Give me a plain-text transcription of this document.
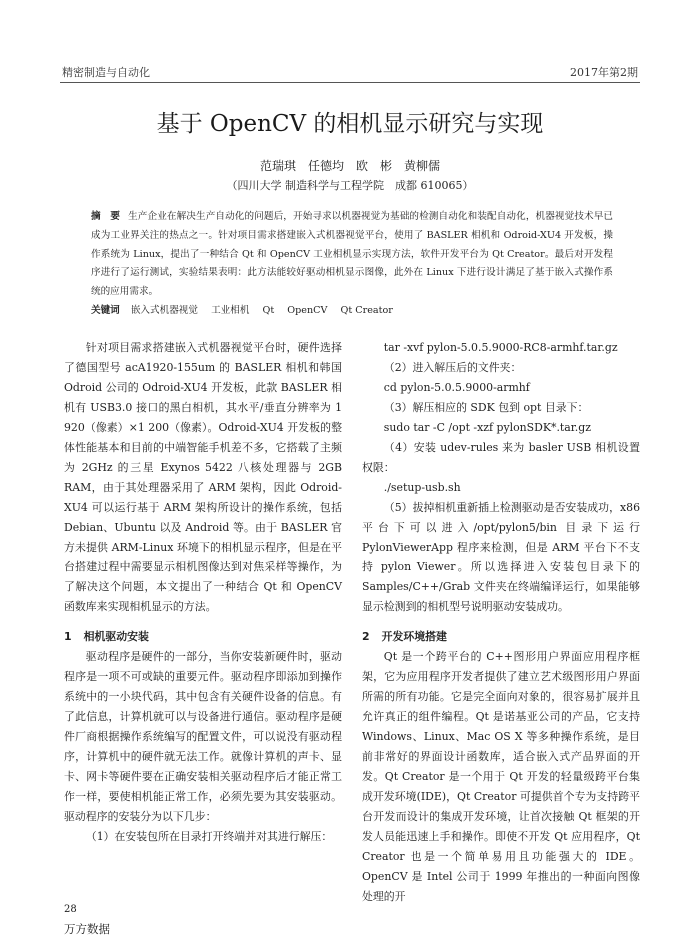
精密制造与自动化	2017年第2期
基于 OpenCV 的相机显示研究与实现
范瑞琪　任德均　欧　彬　黄柳儒
（四川大学 制造科学与工程学院　成都 610065）
摘　要 生产企业在解决生产自动化的问题后，开始寻求以机器视觉为基础的检测自动化和装配自动化，机器视觉技术早已成为工业界关注的热点之一。针对项目需求搭建嵌入式机器视觉平台，使用了 BASLER 相机和 Odroid-XU4 开发板，操作系统为 Linux，提出了一种结合 Qt 和 OpenCV 工业相机显示实现方法，软件开发平台为 Qt Creator。最后对开发程序进行了运行测试，实验结果表明：此方法能较好驱动相机显示图像，此外在 Linux 下进行设计满足了基于嵌入式操作系统的应用需求。
关键词 嵌入式机器视觉 工业相机 Qt OpenCV Qt Creator

针对项目需求搭建嵌入式机器视觉平台时，硬件选择了德国型号 acA1920-155um 的 BASLER 相机和韩国 Odroid 公司的 Odroid-XU4 开发板，此款 BASLER 相机有 USB3.0 接口的黑白相机，其水平/垂直分辨率为 1 920（像素）×1 200（像素）。Odroid-XU4 开发板的整体性能基本和目前的中端智能手机差不多，它搭载了主频为 2GHz 的三星 Exynos 5422 八核处理器与 2GB RAM，由于其处理器采用了 ARM 架构，因此 Odroid-XU4 可以运行基于 ARM 架构所设计的操作系统，包括 Debian、Ubuntu 以及 Android 等。由于 BASLER 官方未提供 ARM-Linux 环境下的相机显示程序，但是在平台搭建过程中需要显示相机图像达到对焦采样等操作，为了解决这个问题，本文提出了一种结合 Qt 和 OpenCV 函数库来实现相机显示的方法。

1 相机驱动安装

驱动程序是硬件的一部分，当你安装新硬件时，驱动程序是一项不可或缺的重要元件。驱动程序即添加到操作系统中的一小块代码，其中包含有关硬件设备的信息。有了此信息，计算机就可以与设备进行通信。驱动程序是硬件厂商根据操作系统编写的配置文件，可以说没有驱动程序，计算机中的硬件就无法工作。就像计算机的声卡、显卡、网卡等硬件要在正确安装相关驱动程序后才能正常工作一样，要使相机能正常工作，必须先要为其安装驱动。驱动程序的安装分为以下几步：

（1）在安装包所在目录打开终端并对其进行解压：

tar -xvf pylon-5.0.5.9000-RC8-armhf.tar.gz

（2）进入解压后的文件夹：

cd pylon-5.0.5.9000-armhf

（3）解压相应的 SDK 包到 opt 目录下：

sudo tar -C /opt -xzf pylonSDK*.tar.gz

（4）安装 udev-rules 来为 basler USB 相机设置权限：

./setup-usb.sh

（5）拔掉相机重新插上检测驱动是否安装成功，x86 平台下可以进入/opt/pylon5/bin 目录下运行 PylonViewerApp 程序来检测，但是 ARM 平台下不支持 pylon Viewer。所以选择进入安装包目录下的 Samples/C++/Grab 文件夹在终端编译运行，如果能够显示检测到的相机型号说明驱动安装成功。

2 开发环境搭建

Qt 是一个跨平台的 C++图形用户界面应用程序框架，它为应用程序开发者提供了建立艺术级图形用户界面所需的所有功能。它是完全面向对象的，很容易扩展并且允许真正的组件编程。Qt 是诺基亚公司的产品，它支持 Windows、Linux、Mac OS X 等多种操作系统，是目前非常好的界面设计函数库，适合嵌入式产品界面的开发。Qt Creator 是一个用于 Qt 开发的轻量级跨平台集成开发环境(IDE)，Qt Creator 可提供首个专为支持跨平台开发而设计的集成开发环境，让首次接触 Qt 框架的开发人员能迅速上手和操作。即使不开发 Qt 应用程序，Qt Creator 也是一个简单易用且功能强大的 IDE。OpenCV 是 Intel 公司于 1999 年推出的一种面向图像处理的开

28
万方数据
